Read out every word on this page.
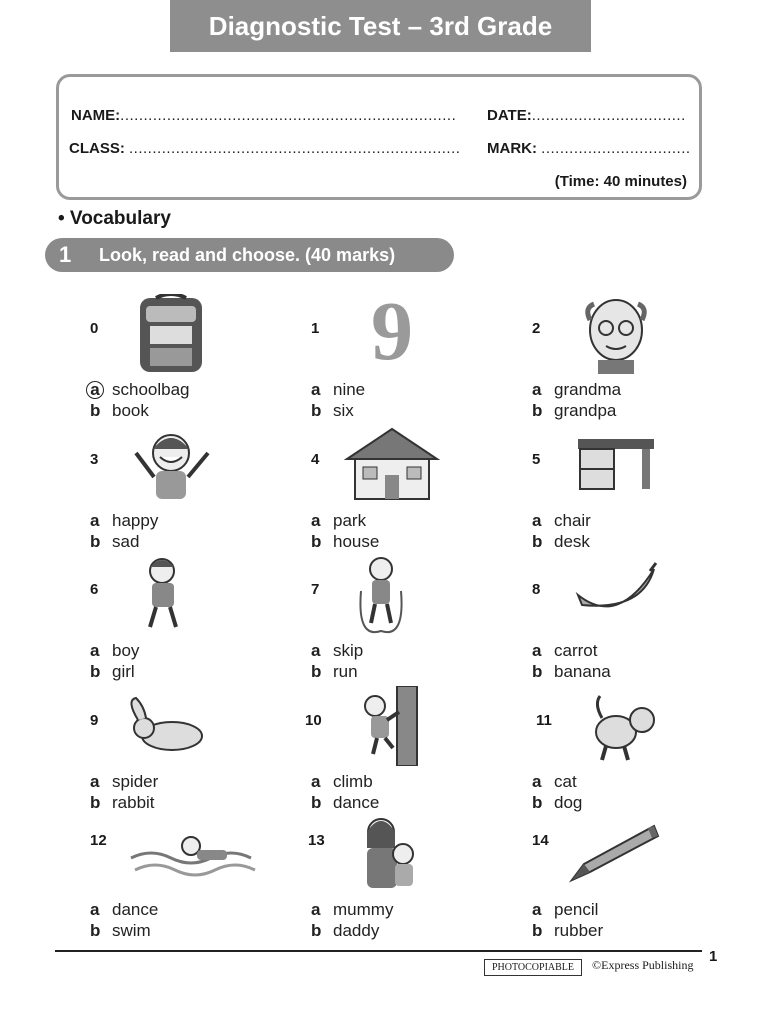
Diagnostic Test – 3rd Grade
NAME:........................................................................ DATE:.................................
CLASS: ....................................................................... MARK: ................................
(Time: 40 minutes)
• Vocabulary
1	Look, read and choose. (40 marks)
0
a schoolbag
b book
1 9
a nine
b six
2
a grandma
b grandpa
3
a happy
b sad
4
a park
b house
5
a chair
b desk
6
a boy
b girl
7
a skip
b run
8
a carrot
b banana
9
a spider
b rabbit
10
a climb
b dance
11
a cat
b dog
12
a dance
b swim
13
a mummy
b daddy
14
a pencil
b rubber
PHOTOCOPIABLE	©Express Publishing 1
